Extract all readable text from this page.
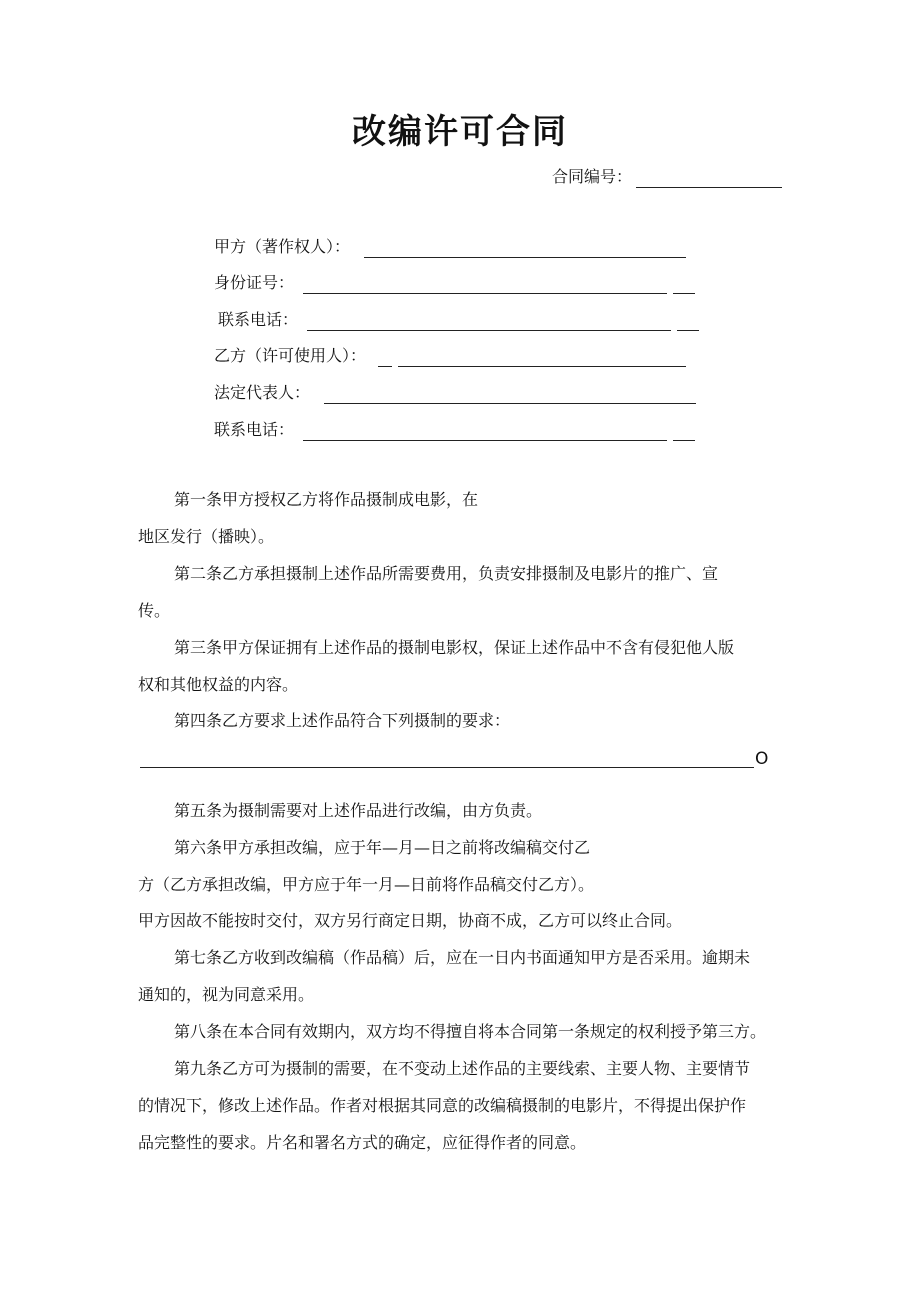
改编许可合同
合同编号：
甲方（著作权人）：
身份证号：
联系电话：
乙方（许可使用人）：
法定代表人：
联系电话：

第一条甲方授权乙方将作品摄制成电影，在

地区发行（播映）。

第二条乙方承担摄制上述作品所需要费用，负责安排摄制及电影片的推广、宣

传。

第三条甲方保证拥有上述作品的摄制电影权，保证上述作品中不含有侵犯他人版

权和其他权益的内容。

第四条乙方要求上述作品符合下列摄制的要求：

O

第五条为摄制需要对上述作品进行改编，由方负责。

第六条甲方承担改编，应于年—月—日之前将改编稿交付乙

方（乙方承担改编，甲方应于年一月—日前将作品稿交付乙方）。

甲方因故不能按时交付，双方另行商定日期，协商不成，乙方可以终止合同。

第七条乙方收到改编稿（作品稿）后，应在一日内书面通知甲方是否采用。逾期未

通知的，视为同意采用。

第八条在本合同有效期内，双方均不得擅自将本合同第一条规定的权利授予第三方。

第九条乙方可为摄制的需要，在不变动上述作品的主要线索、主要人物、主要情节

的情况下，修改上述作品。作者对根据其同意的改编稿摄制的电影片，不得提出保护作

品完整性的要求。片名和署名方式的确定，应征得作者的同意。
